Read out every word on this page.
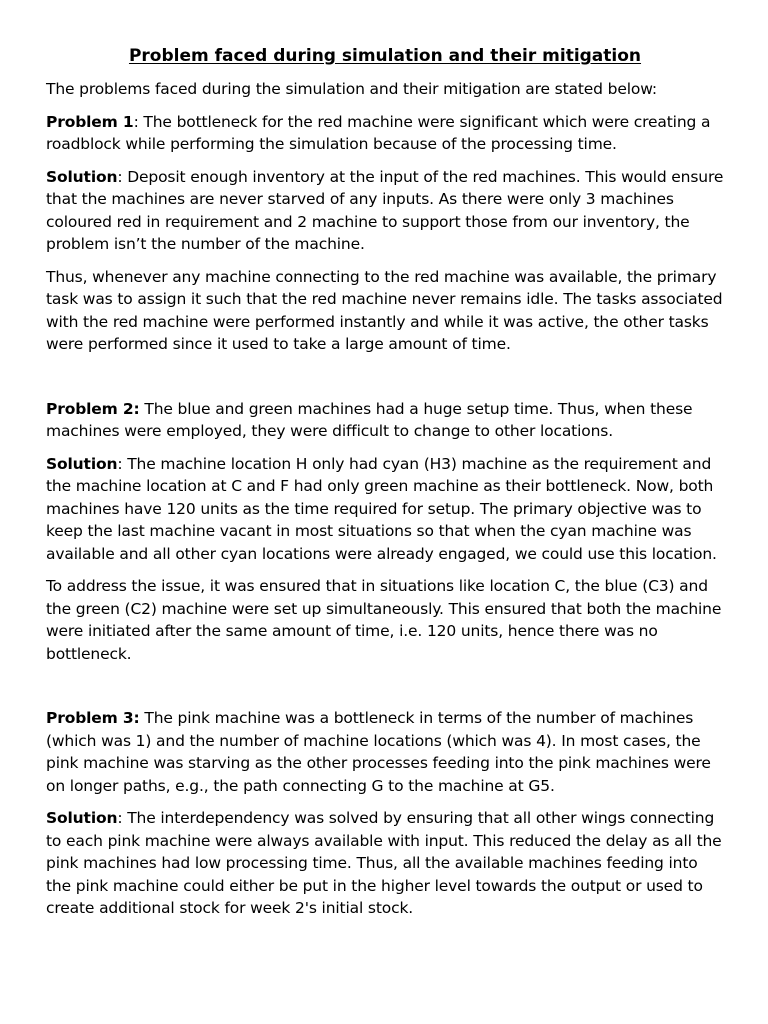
Problem faced during simulation and their mitigation

The problems faced during the simulation and their mitigation are stated below:

Problem 1: The bottleneck for the red machine were significant which were creating a roadblock while performing the simulation because of the processing time.

Solution: Deposit enough inventory at the input of the red machines. This would ensure that the machines are never starved of any inputs. As there were only 3 machines coloured red in requirement and 2 machine to support those from our inventory, the problem isn’t the number of the machine.

Thus, whenever any machine connecting to the red machine was available, the primary task was to assign it such that the red machine never remains idle. The tasks associated with the red machine were performed instantly and while it was active, the other tasks were performed since it used to take a large amount of time.

Problem 2: The blue and green machines had a huge setup time. Thus, when these machines were employed, they were difficult to change to other locations.

Solution: The machine location H only had cyan (H3) machine as the requirement and the machine location at C and F had only green machine as their bottleneck. Now, both machines have 120 units as the time required for setup. The primary objective was to keep the last machine vacant in most situations so that when the cyan machine was available and all other cyan locations were already engaged, we could use this location.

To address the issue, it was ensured that in situations like location C, the blue (C3) and the green (C2) machine were set up simultaneously. This ensured that both the machine were initiated after the same amount of time, i.e. 120 units, hence there was no bottleneck.

Problem 3: The pink machine was a bottleneck in terms of the number of machines (which was 1) and the number of machine locations (which was 4). In most cases, the pink machine was starving as the other processes feeding into the pink machines were on longer paths, e.g., the path connecting G to the machine at G5.

Solution: The interdependency was solved by ensuring that all other wings connecting to each pink machine were always available with input. This reduced the delay as all the pink machines had low processing time. Thus, all the available machines feeding into the pink machine could either be put in the higher level towards the output or used to create additional stock for week 2's initial stock.
